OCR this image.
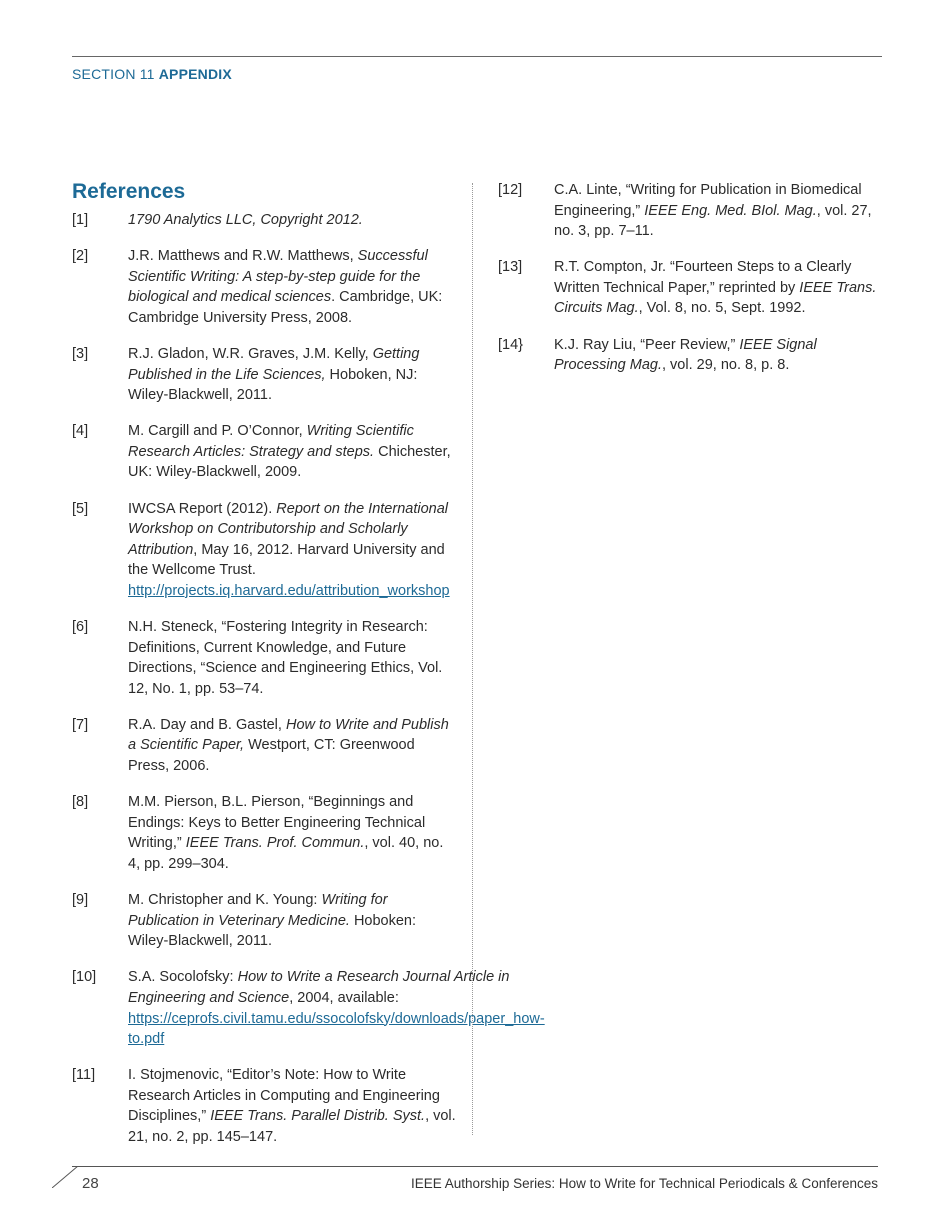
SECTION 11 APPENDIX
References
[1]	1790 Analytics LLC, Copyright 2012.
[2]	J.R. Matthews and R.W. Matthews, Successful Scientific Writing: A step-by-step guide for the biological and medical sciences. Cambridge, UK: Cambridge University Press, 2008.
[3]	R.J. Gladon, W.R. Graves, J.M. Kelly, Getting Published in the Life Sciences, Hoboken, NJ: Wiley-Blackwell, 2011.
[4]	M. Cargill and P. O’Connor, Writing Scientific Research Articles: Strategy and steps. Chichester, UK: Wiley-Blackwell, 2009.
[5]	IWCSA Report (2012). Report on the International Workshop on Contributorship and Scholarly Attribution, May 16, 2012. Harvard University and the Wellcome Trust. http://projects.iq.harvard.edu/attribution_workshop
[6]	N.H. Steneck, “Fostering Integrity in Research: Definitions, Current Knowledge, and Future Directions, “Science and Engineering Ethics, Vol. 12, No. 1, pp. 53–74.
[7]	R.A. Day and B. Gastel, How to Write and Publish a Scientific Paper, Westport, CT: Greenwood Press, 2006.
[8]	M.M. Pierson, B.L. Pierson, “Beginnings and Endings: Keys to Better Engineering Technical Writing,” IEEE Trans. Prof. Commun., vol. 40, no. 4, pp. 299–304.
[9]	M. Christopher and K. Young: Writing for Publication in Veterinary Medicine. Hoboken: Wiley-Blackwell, 2011.
[10]	S.A. Socolofsky: How to Write a Research Journal Article in Engineering and Science, 2004, available: https://ceprofs.civil.tamu.edu/ssocolofsky/downloads/paper_how-to.pdf
[11]	I. Stojmenovic, “Editor’s Note: How to Write Research Articles in Computing and Engineering Disciplines,” IEEE Trans. Parallel Distrib. Syst., vol. 21, no. 2, pp. 145–147.
[12]	C.A. Linte, “Writing for Publication in Biomedical Engineering,” IEEE Eng. Med. BIol. Mag., vol. 27, no. 3, pp. 7–11.
[13]	R.T. Compton, Jr. “Fourteen Steps to a Clearly Written Technical Paper,” reprinted by IEEE Trans. Circuits Mag., Vol. 8, no. 5, Sept. 1992.
[14}	K.J. Ray Liu, “Peer Review,” IEEE Signal Processing Mag., vol. 29, no. 8, p. 8.
28	IEEE Authorship Series: How to Write for Technical Periodicals & Conferences
